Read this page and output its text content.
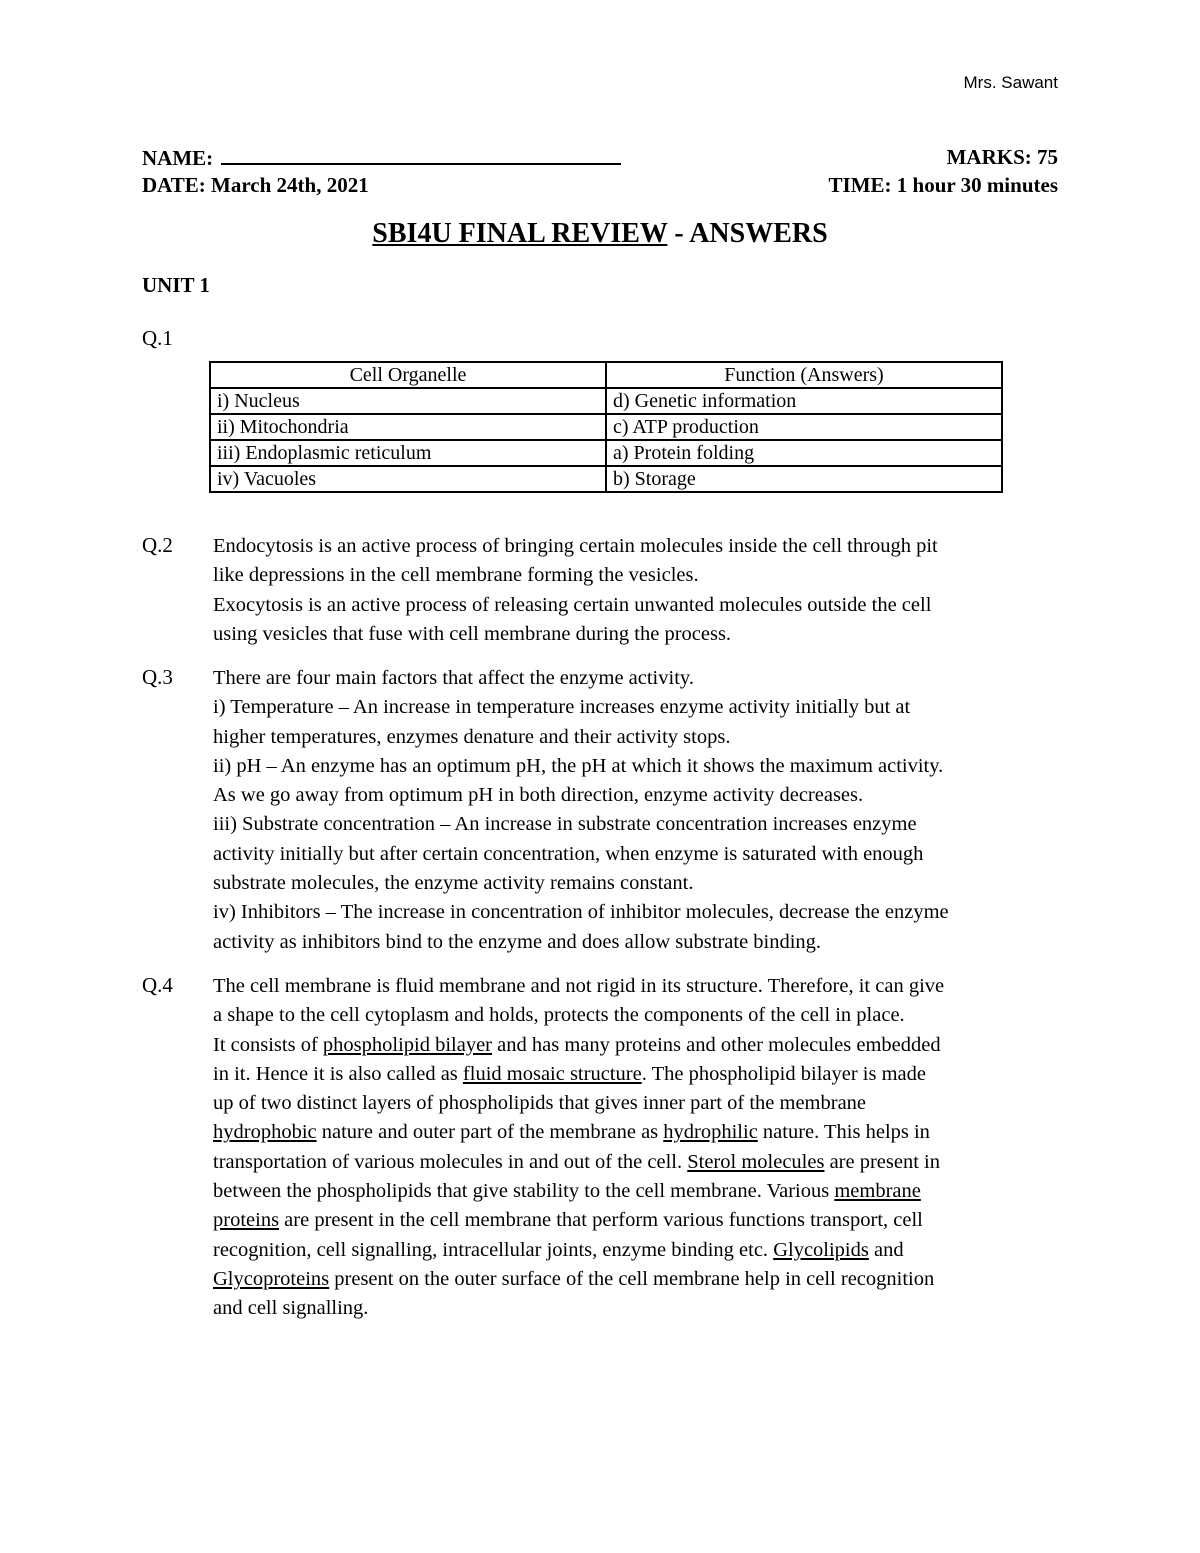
Mrs. Sawant
NAME:	MARKS: 75
DATE: March 24th, 2021	TIME: 1 hour 30 minutes
SBI4U FINAL REVIEW - ANSWERS
UNIT 1
Q.1
Cell Organelle	Function (Answers)
i) Nucleus	d) Genetic information
ii) Mitochondria	c) ATP production
iii) Endoplasmic reticulum	a) Protein folding
iv) Vacuoles	b) Storage
Q.2 Endocytosis is an active process of bringing certain molecules inside the cell through pit

like depressions in the cell membrane forming the vesicles.

Exocytosis is an active process of releasing certain unwanted molecules outside the cell

using vesicles that fuse with cell membrane during the process.

Q.3 There are four main factors that affect the enzyme activity.

i) Temperature – An increase in temperature increases enzyme activity initially but at

higher temperatures, enzymes denature and their activity stops.

ii) pH – An enzyme has an optimum pH, the pH at which it shows the maximum activity.

As we go away from optimum pH in both direction, enzyme activity decreases.

iii) Substrate concentration – An increase in substrate concentration increases enzyme

activity initially but after certain concentration, when enzyme is saturated with enough

substrate molecules, the enzyme activity remains constant.

iv) Inhibitors – The increase in concentration of inhibitor molecules, decrease the enzyme

activity as inhibitors bind to the enzyme and does allow substrate binding.

Q.4 The cell membrane is fluid membrane and not rigid in its structure. Therefore, it can give

a shape to the cell cytoplasm and holds, protects the components of the cell in place.

It consists of phospholipid bilayer and has many proteins and other molecules embedded

in it. Hence it is also called as fluid mosaic structure. The phospholipid bilayer is made

up of two distinct layers of phospholipids that gives inner part of the membrane

hydrophobic nature and outer part of the membrane as hydrophilic nature. This helps in

transportation of various molecules in and out of the cell. Sterol molecules are present in

between the phospholipids that give stability to the cell membrane. Various membrane

proteins are present in the cell membrane that perform various functions transport, cell

recognition, cell signalling, intracellular joints, enzyme binding etc. Glycolipids and

Glycoproteins present on the outer surface of the cell membrane help in cell recognition

and cell signalling.
